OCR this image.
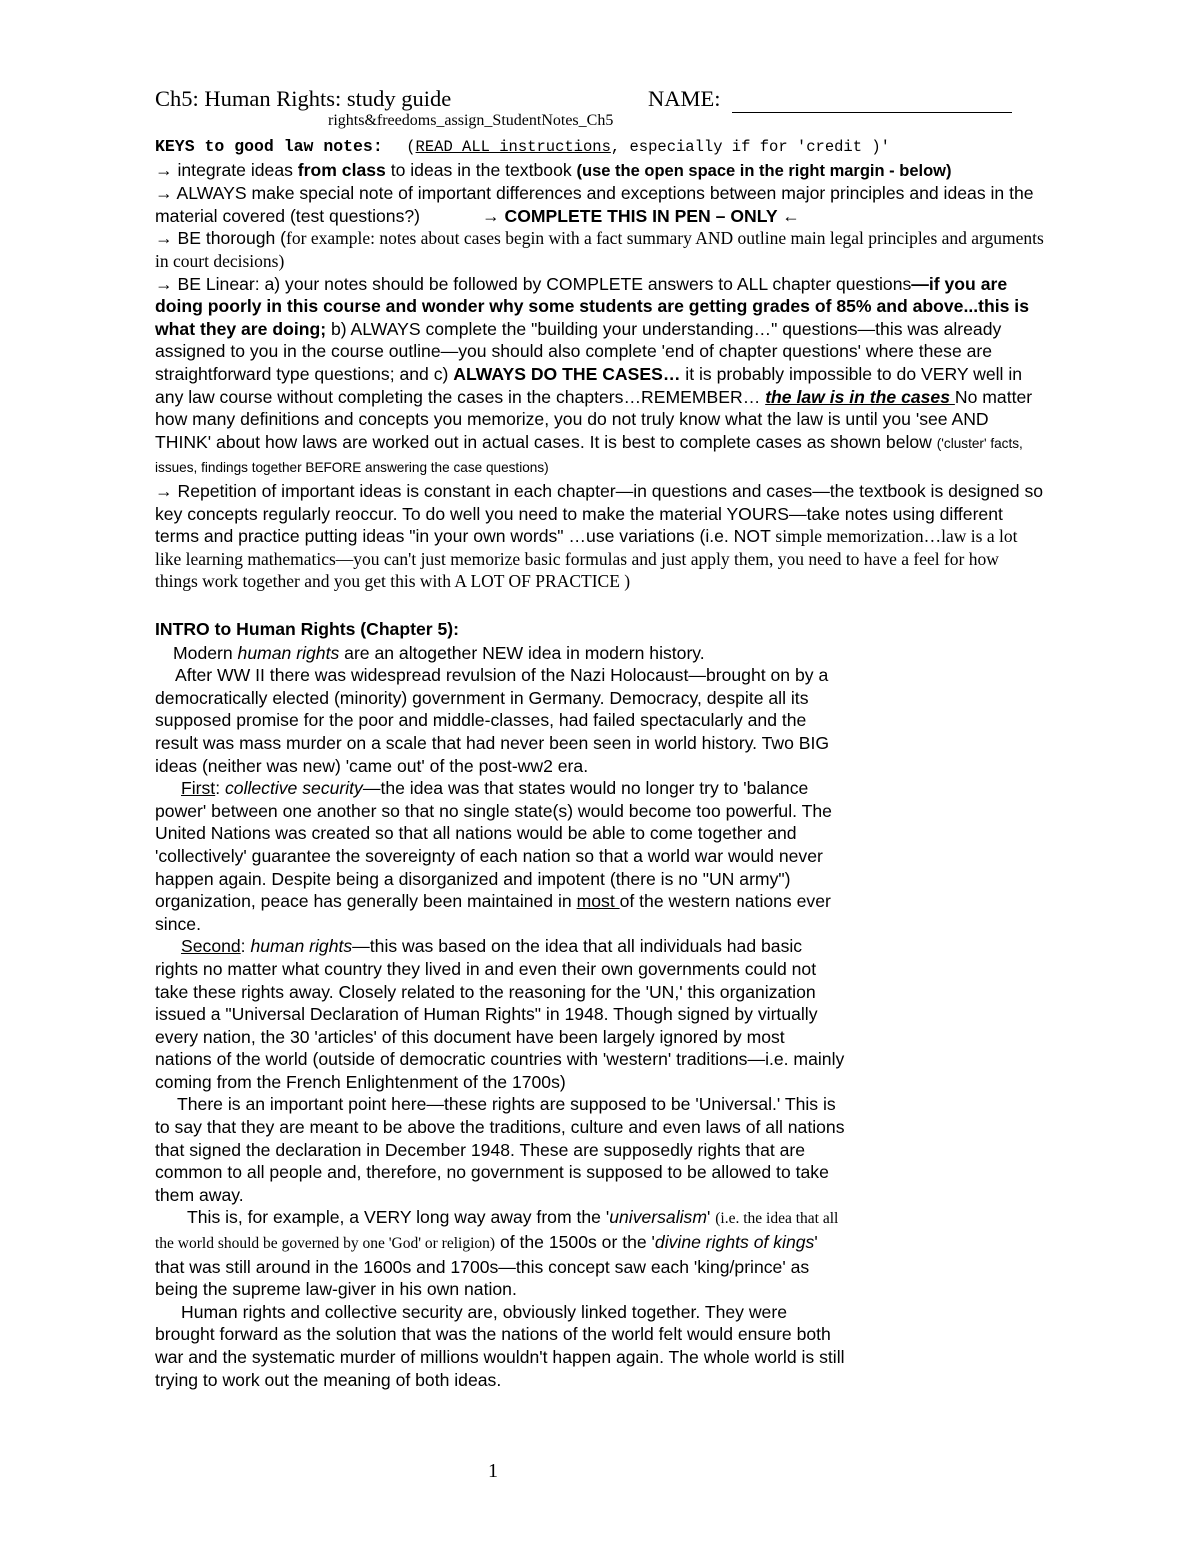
Ch5: Human Rights: study guide	NAME:
rights&freedoms_assign_StudentNotes_Ch5

KEYS to good law notes:   (READ ALL instructions, especially if for 'credit )'

→ integrate ideas from class to ideas in the textbook (use the open space in the right margin - below)

→ ALWAYS make special note of important differences and exceptions between major principles and ideas in the material covered (test questions?)	→ COMPLETE THIS IN PEN – ONLY ←

→ BE thorough (for example: notes about cases begin with a fact summary AND outline main legal principles and arguments in court decisions)

→ BE Linear: a) your notes should be followed by COMPLETE answers to ALL chapter questions—if you are doing poorly in this course and wonder why some students are getting grades of 85% and above...this is what they are doing; b) ALWAYS complete the "building your understanding…" questions—this was already assigned to you in the course outline—you should also complete 'end of chapter questions' where these are straightforward type questions; and c) ALWAYS DO THE CASES… it is probably impossible to do VERY well in any law course without completing the cases in the chapters…REMEMBER… the law is in the cases No matter how many definitions and concepts you memorize, you do not truly know what the law is until you 'see AND THINK' about how laws are worked out in actual cases. It is best to complete cases as shown below ('cluster' facts, issues, findings together BEFORE answering the case questions)

→ Repetition of important ideas is constant in each chapter—in questions and cases—the textbook is designed so key concepts regularly reoccur. To do well you need to make the material YOURS—take notes using different terms and practice putting ideas "in your own words" …use variations (i.e. NOT simple memorization…law is a lot like learning mathematics—you can't just memorize basic formulas and just apply them, you need to have a feel for how things work together and you get this with A LOT OF PRACTICE )

INTRO to Human Rights (Chapter 5):

Modern human rights are an altogether NEW idea in modern history.

After WW II there was widespread revulsion of the Nazi Holocaust—brought on by a democratically elected (minority) government in Germany. Democracy, despite all its supposed promise for the poor and middle-classes, had failed spectacularly and the result was mass murder on a scale that had never been seen in world history. Two BIG ideas (neither was new) 'came out' of the post-ww2 era.

First: collective security—the idea was that states would no longer try to 'balance power' between one another so that no single state(s) would become too powerful. The United Nations was created so that all nations would be able to come together and 'collectively' guarantee the sovereignty of each nation so that a world war would never happen again. Despite being a disorganized and impotent (there is no "UN army") organization, peace has generally been maintained in most of the western nations ever since.

Second: human rights—this was based on the idea that all individuals had basic rights no matter what country they lived in and even their own governments could not take these rights away. Closely related to the reasoning for the 'UN,' this organization issued a "Universal Declaration of Human Rights" in 1948. Though signed by virtually every nation, the 30 'articles' of this document have been largely ignored by most nations of the world (outside of democratic countries with 'western' traditions—i.e. mainly coming from the French Enlightenment of the 1700s)

There is an important point here—these rights are supposed to be 'Universal.' This is to say that they are meant to be above the traditions, culture and even laws of all nations that signed the declaration in December 1948. These are supposedly rights that are common to all people and, therefore, no government is supposed to be allowed to take them away.

This is, for example, a VERY long way away from the 'universalism' (i.e. the idea that all the world should be governed by one 'God' or religion) of the 1500s or the 'divine rights of kings' that was still around in the 1600s and 1700s—this concept saw each 'king/prince' as being the supreme law-giver in his own nation.

Human rights and collective security are, obviously linked together. They were brought forward as the solution that was the nations of the world felt would ensure both war and the systematic murder of millions wouldn't happen again. The whole world is still trying to work out the meaning of both ideas.

1
